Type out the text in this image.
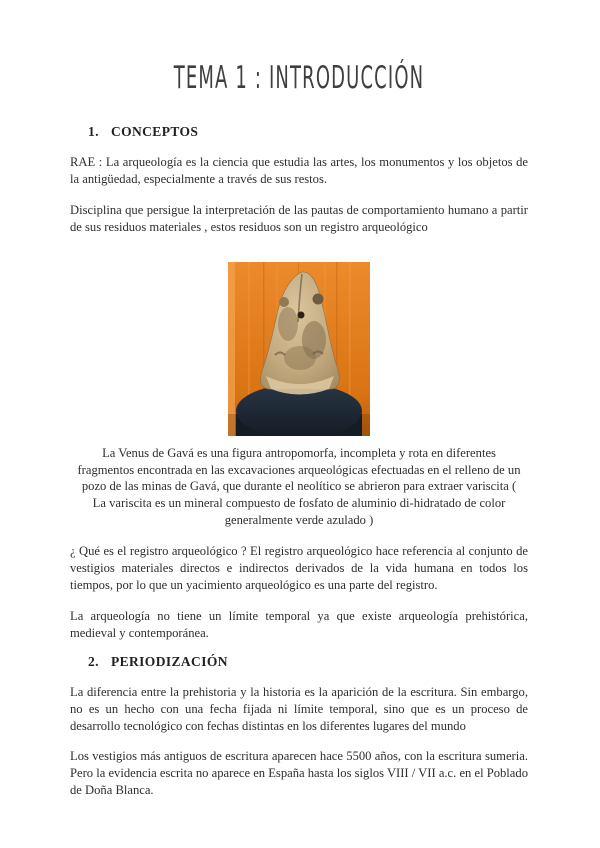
TEMA 1 : INTRODUCCIÓN
1. CONCEPTOS

RAE : La arqueología es la ciencia que estudia las artes, los monumentos y los objetos de la antigüedad, especialmente a través de sus restos.

Disciplina que persigue la interpretación de las pautas de comportamiento humano a partir de sus residuos materiales , estos residuos son un registro arqueológico

La Venus de Gavá es una figura antropomorfa, incompleta y rota en diferentes fragmentos encontrada en las excavaciones arqueológicas efectuadas en el relleno de un pozo de las minas de Gavá, que durante el neolítico se abrieron para extraer variscita ( La variscita es un mineral compuesto de fosfato de aluminio di-hidratado de color generalmente verde azulado )

¿ Qué es el registro arqueológico ? El registro arqueológico hace referencia al conjunto de vestigios materiales directos e indirectos derivados de la vida humana en todos los tiempos, por lo que un yacimiento arqueológico es una parte del registro.

La arqueología no tiene un límite temporal ya que existe arqueología prehistórica, medieval y contemporánea.

2. PERIODIZACIÓN

La diferencia entre la prehistoria y la historia es la aparición de la escritura. Sin embargo, no es un hecho con una fecha fijada ni límite temporal, sino que es un proceso de desarrollo tecnológico con fechas distintas en los diferentes lugares del mundo

Los vestigios más antiguos de escritura aparecen hace 5500 años, con la escritura sumeria. Pero la evidencia escrita no aparece en España hasta los siglos VIII / VII a.c. en el Poblado de Doña Blanca.
